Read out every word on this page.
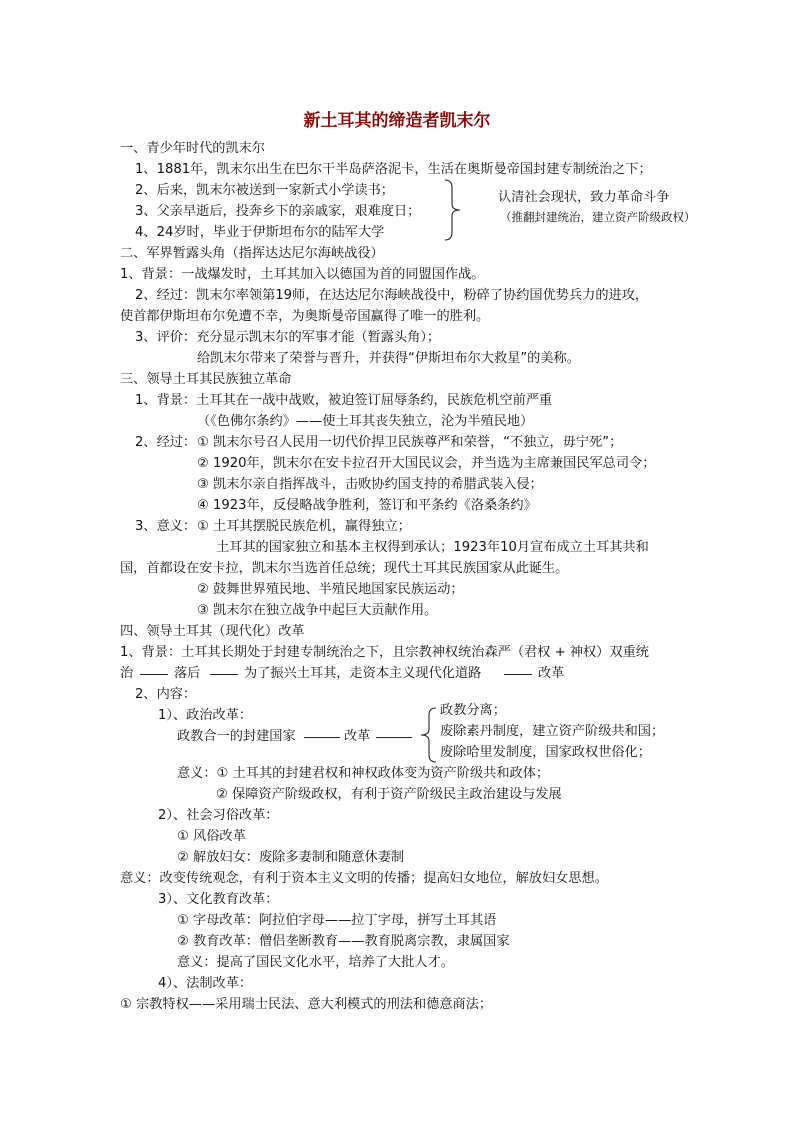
新土耳其的缔造者凯末尔
一、青少年时代的凯末尔
1、1881年，凯末尔出生在巴尔干半岛萨洛泥卡，生活在奥斯曼帝国封建专制统治之下；
2、后来，凯末尔被送到一家新式小学读书；
3、父亲早逝后，投奔乡下的亲戚家，艰难度日；
4、24岁时，毕业于伊斯坦布尔的陆军大学
认清社会现状，致力革命斗争
（推翻封建统治，建立资产阶级政权）
二、军界暂露头角（指挥达达尼尔海峡战役）
1、背景：一战爆发时，土耳其加入以德国为首的同盟国作战。
2、经过：凯末尔率领第19师，在达达尼尔海峡战役中，粉碎了协约国优势兵力的进攻，
使首都伊斯坦布尔免遭不幸，为奥斯曼帝国赢得了唯一的胜利。
3、评价：充分显示凯末尔的军事才能（暂露头角）；
给凯末尔带来了荣誉与晋升，并获得“伊斯坦布尔大救星”的美称。
三、领导土耳其民族独立革命
1、背景：土耳其在一战中战败，被迫签订屈辱条约，民族危机空前严重
（《色佛尔条约》——使土耳其丧失独立，沦为半殖民地）
2、经过： ① 凯末尔号召人民用一切代价捍卫民族尊严和荣誉，“不独立，毋宁死”；
② 1920年，凯末尔在安卡拉召开大国民议会，并当选为主席兼国民军总司令；
③ 凯末尔亲自指挥战斗，击败协约国支持的希腊武装入侵；
④ 1923年，反侵略战争胜利，签订和平条约《洛桑条约》
3、意义： ① 土耳其摆脱民族危机，赢得独立；
土耳其的国家独立和基本主权得到承认；1923年10月宣布成立土耳其共和
国，首都设在安卡拉，凯末尔当选首任总统；现代土耳其民族国家从此诞生。
② 鼓舞世界殖民地、半殖民地国家民族运动；
③ 凯末尔在独立战争中起巨大贡献作用。
四、领导土耳其（现代化）改革
1、背景：土耳其长期处于封建专制统治之下，且宗教神权统治森严（君权 + 神权）双重统
治	落后	为了振兴土耳其，走资本主义现代化道路	改革
2、内容：
1）、政治改革：
政教合一的封建国家	改革
政教分离；
废除素丹制度，建立资产阶级共和国；
废除哈里发制度，国家政权世俗化；
意义：① 土耳其的封建君权和神权政体变为资产阶级共和政体；
② 保障资产阶级政权，有利于资产阶级民主政治建设与发展
2）、社会习俗改革：
① 风俗改革
② 解放妇女：废除多妻制和随意休妻制
意义：改变传统观念，有利于资本主义文明的传播；提高妇女地位，解放妇女思想。
3）、文化教育改革：
① 字母改革：阿拉伯字母——拉丁字母，拼写土耳其语
② 教育改革：僧侣垄断教育——教育脱离宗教，隶属国家
意义：提高了国民文化水平，培养了大批人才。
4）、法制改革：
① 宗教特权——采用瑞士民法、意大利模式的刑法和德意商法；
